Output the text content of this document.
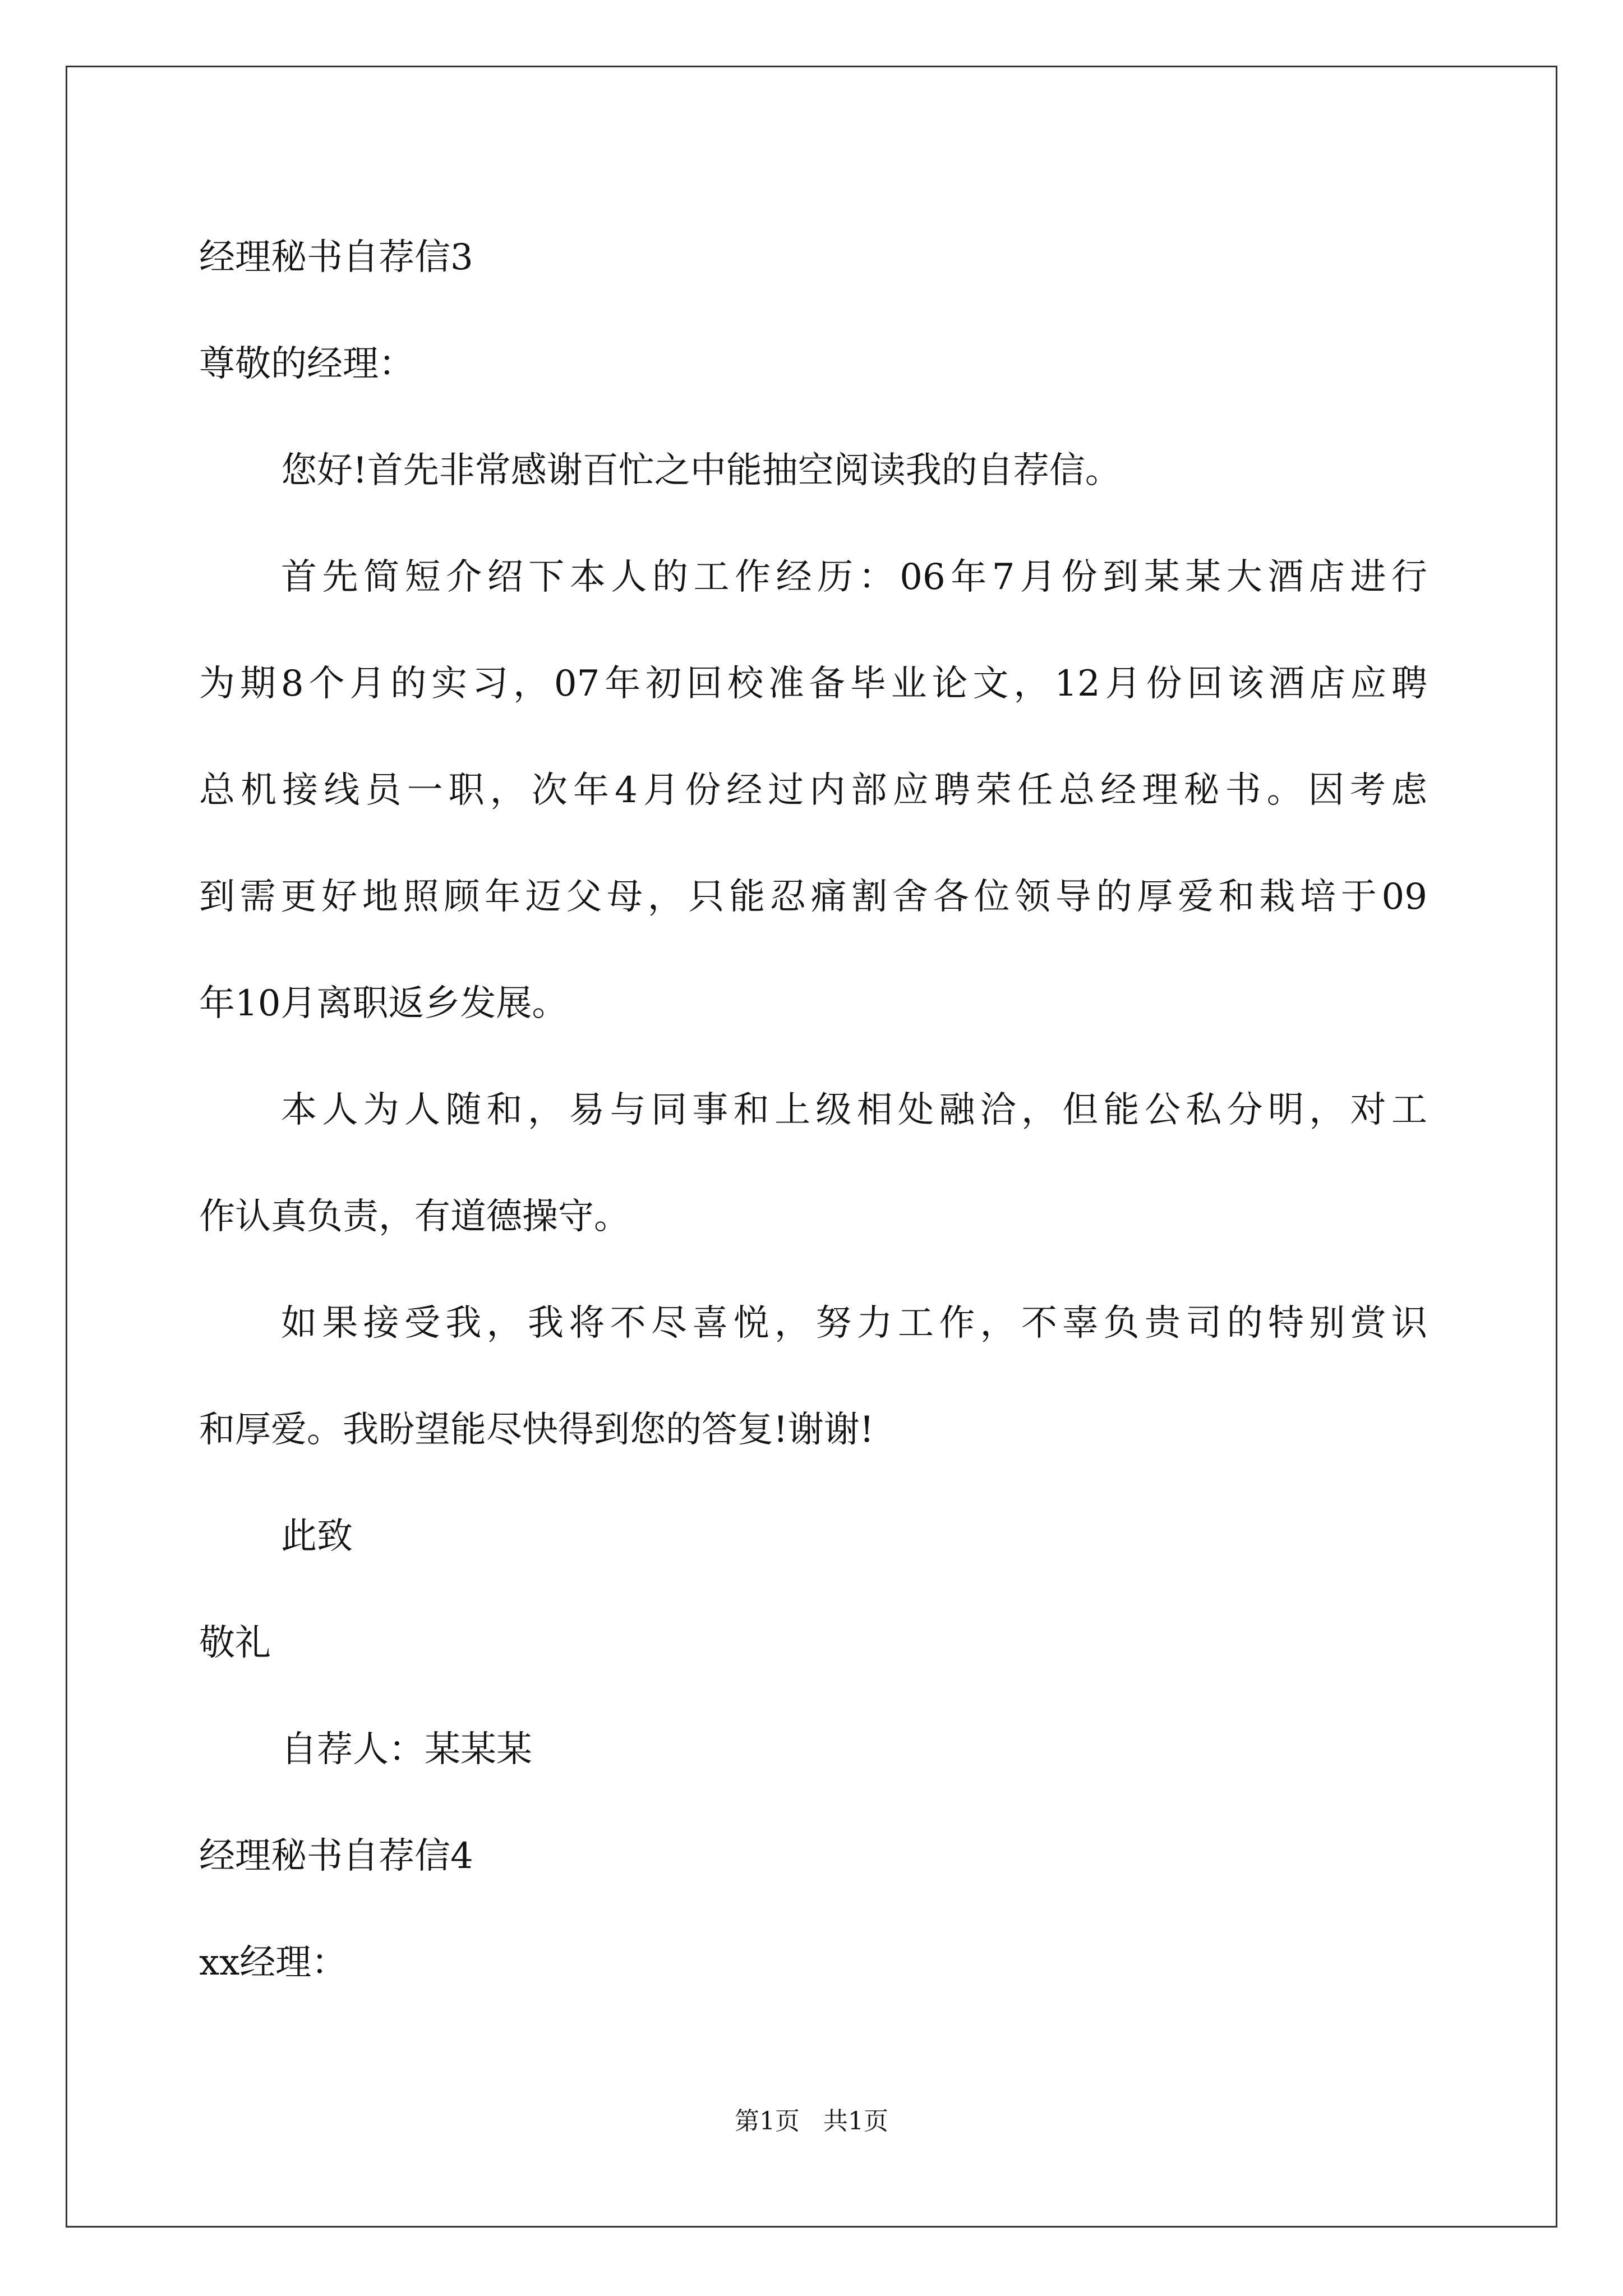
经理秘书自荐信3
尊敬的经理：
您好!首先非常感谢百忙之中能抽空阅读我的自荐信。
首先简短介绍下本人的工作经历：06年7月份到某某大酒店进行
为期8个月的实习，07年初回校准备毕业论文，12月份回该酒店应聘
总机接线员一职，次年4月份经过内部应聘荣任总经理秘书。因考虑
到需更好地照顾年迈父母，只能忍痛割舍各位领导的厚爱和栽培于09
年10月离职返乡发展。
本人为人随和，易与同事和上级相处融洽，但能公私分明，对工
作认真负责，有道德操守。
如果接受我，我将不尽喜悦，努力工作，不辜负贵司的特别赏识
和厚爱。我盼望能尽快得到您的答复!谢谢!
此致
敬礼
自荐人：某某某
经理秘书自荐信4
xx经理：
第1页   共1页
